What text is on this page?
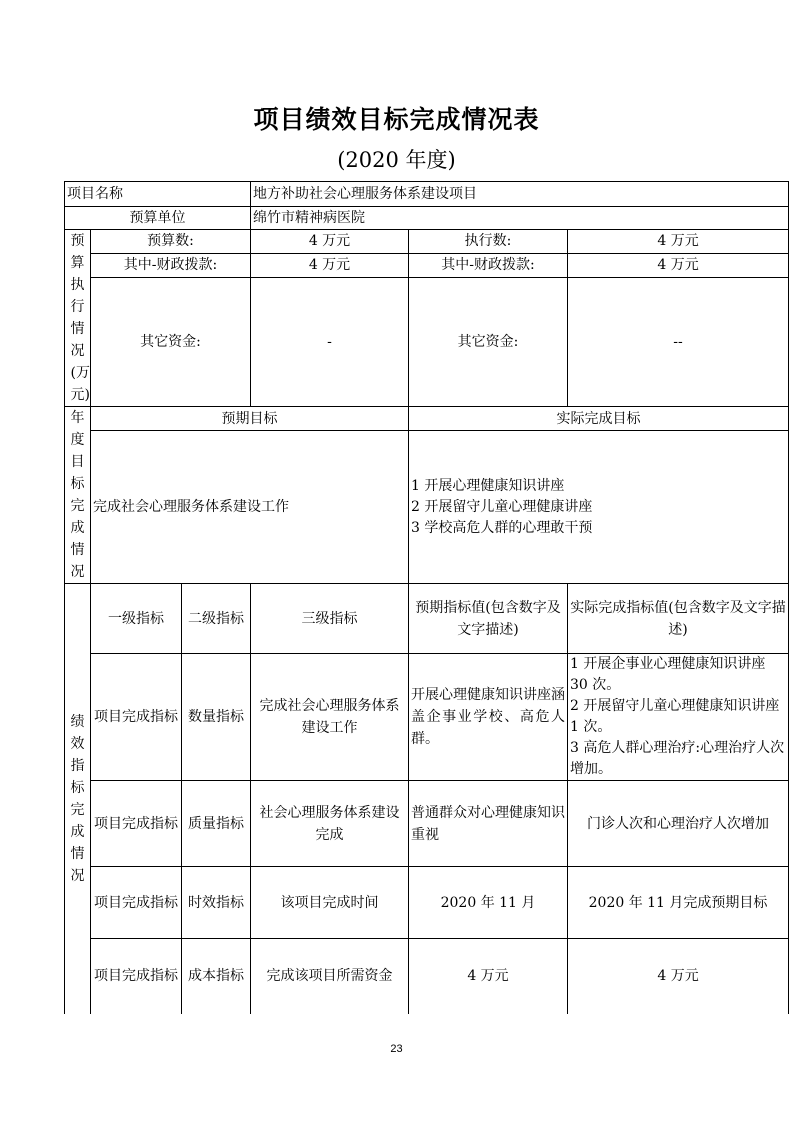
项目绩效目标完成情况表
(2020 年度)
项目名称			地方补助社会心理服务体系建设项目		
预算单位			绵竹市精神病医院		

预算执行情况(万元)	预算数:		4 万元	执行数:	4 万元
	其中-财政拨款:		4 万元	其中-财政拨款:	4 万元
	其它资金:		-	其它资金:	--

年度目标完成情况	预期目标			实际完成目标	
	完成社会心理服务体系建设工作			1 开展心理健康知识讲座
2 开展留守儿童心理健康讲座
3 学校高危人群的心理敢干预	

绩效指标完成情况	一级指标	二级指标	三级指标	预期指标值(包含数字及文字描述)	实际完成指标值(包含数字及文字描述)
	项目完成指标	数量指标	完成社会心理服务体系建设工作	开展心理健康知识讲座涵盖企事业学校、高危人群。	1 开展企事业心理健康知识讲座 30 次。
2 开展留守儿童心理健康知识讲座 1 次。
3 高危人群心理治疗:心理治疗人次增加。

	项目完成指标	质量指标	社会心理服务体系建设完成	普通群众对心理健康知识重视	门诊人次和心理治疗人次增加
	项目完成指标	时效指标	该项目完成时间	2020 年 11 月	2020 年 11 月完成预期目标
	项目完成指标	成本指标	完成该项目所需资金	4 万元	4 万元
23
